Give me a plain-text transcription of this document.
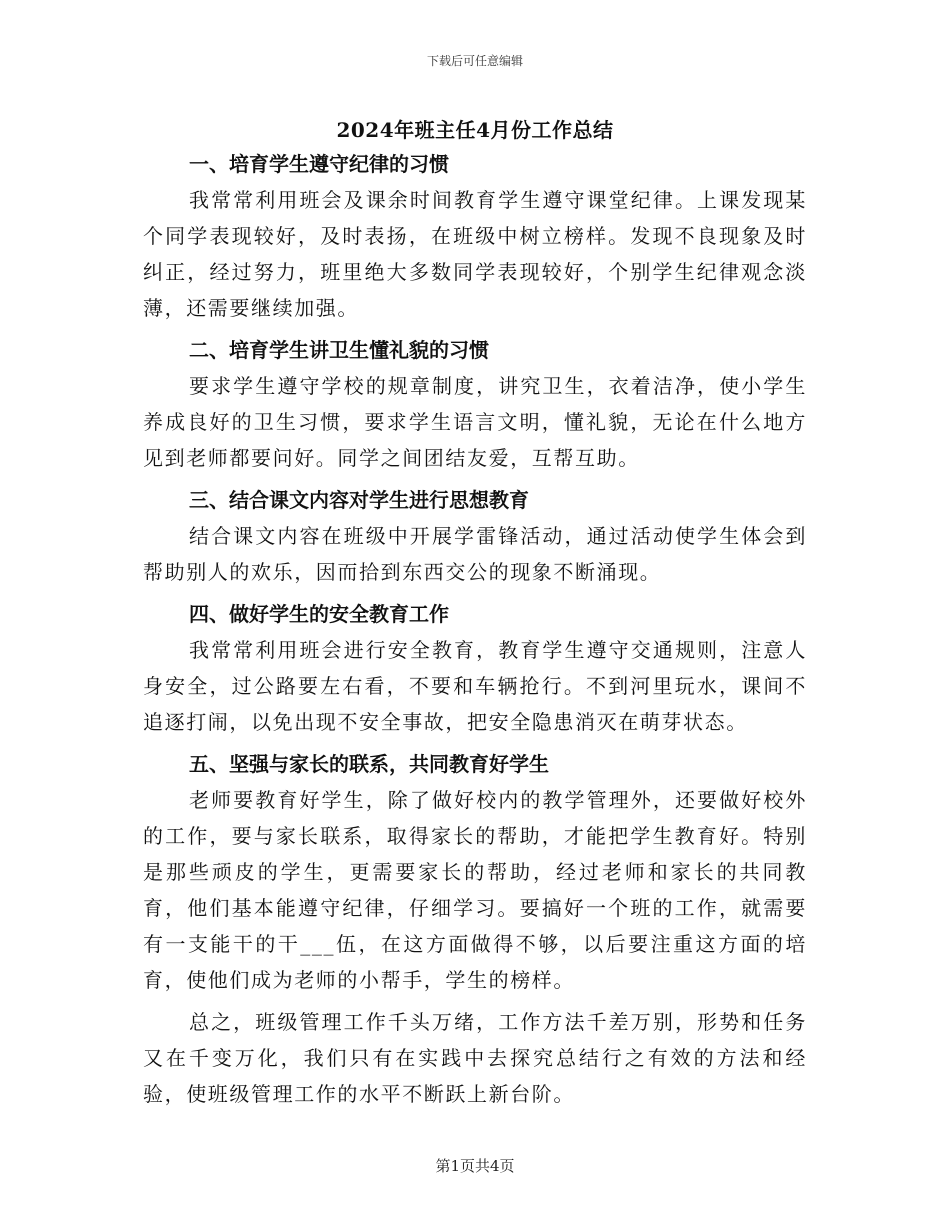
下载后可任意编辑
2024年班主任4月份工作总结

一、培育学生遵守纪律的习惯

我常常利用班会及课余时间教育学生遵守课堂纪律。上课发现某个同学表现较好，及时表扬，在班级中树立榜样。发现不良现象及时纠正，经过努力，班里绝大多数同学表现较好，个别学生纪律观念淡薄，还需要继续加强。

二、培育学生讲卫生懂礼貌的习惯

要求学生遵守学校的规章制度，讲究卫生，衣着洁净，使小学生养成良好的卫生习惯，要求学生语言文明，懂礼貌，无论在什么地方见到老师都要问好。同学之间团结友爱，互帮互助。

三、结合课文内容对学生进行思想教育

结合课文内容在班级中开展学雷锋活动，通过活动使学生体会到帮助别人的欢乐，因而拾到东西交公的现象不断涌现。

四、做好学生的安全教育工作

我常常利用班会进行安全教育，教育学生遵守交通规则，注意人身安全，过公路要左右看，不要和车辆抢行。不到河里玩水，课间不追逐打闹，以免出现不安全事故，把安全隐患消灭在萌芽状态。

五、坚强与家长的联系，共同教育好学生

老师要教育好学生，除了做好校内的教学管理外，还要做好校外的工作，要与家长联系，取得家长的帮助，才能把学生教育好。特别是那些顽皮的学生，更需要家长的帮助，经过老师和家长的共同教育，他们基本能遵守纪律，仔细学习。要搞好一个班的工作，就需要有一支能干的干___伍，在这方面做得不够，以后要注重这方面的培育，使他们成为老师的小帮手，学生的榜样。

总之，班级管理工作千头万绪，工作方法千差万别，形势和任务又在千变万化，我们只有在实践中去探究总结行之有效的方法和经验，使班级管理工作的水平不断跃上新台阶。

第1页共4页
